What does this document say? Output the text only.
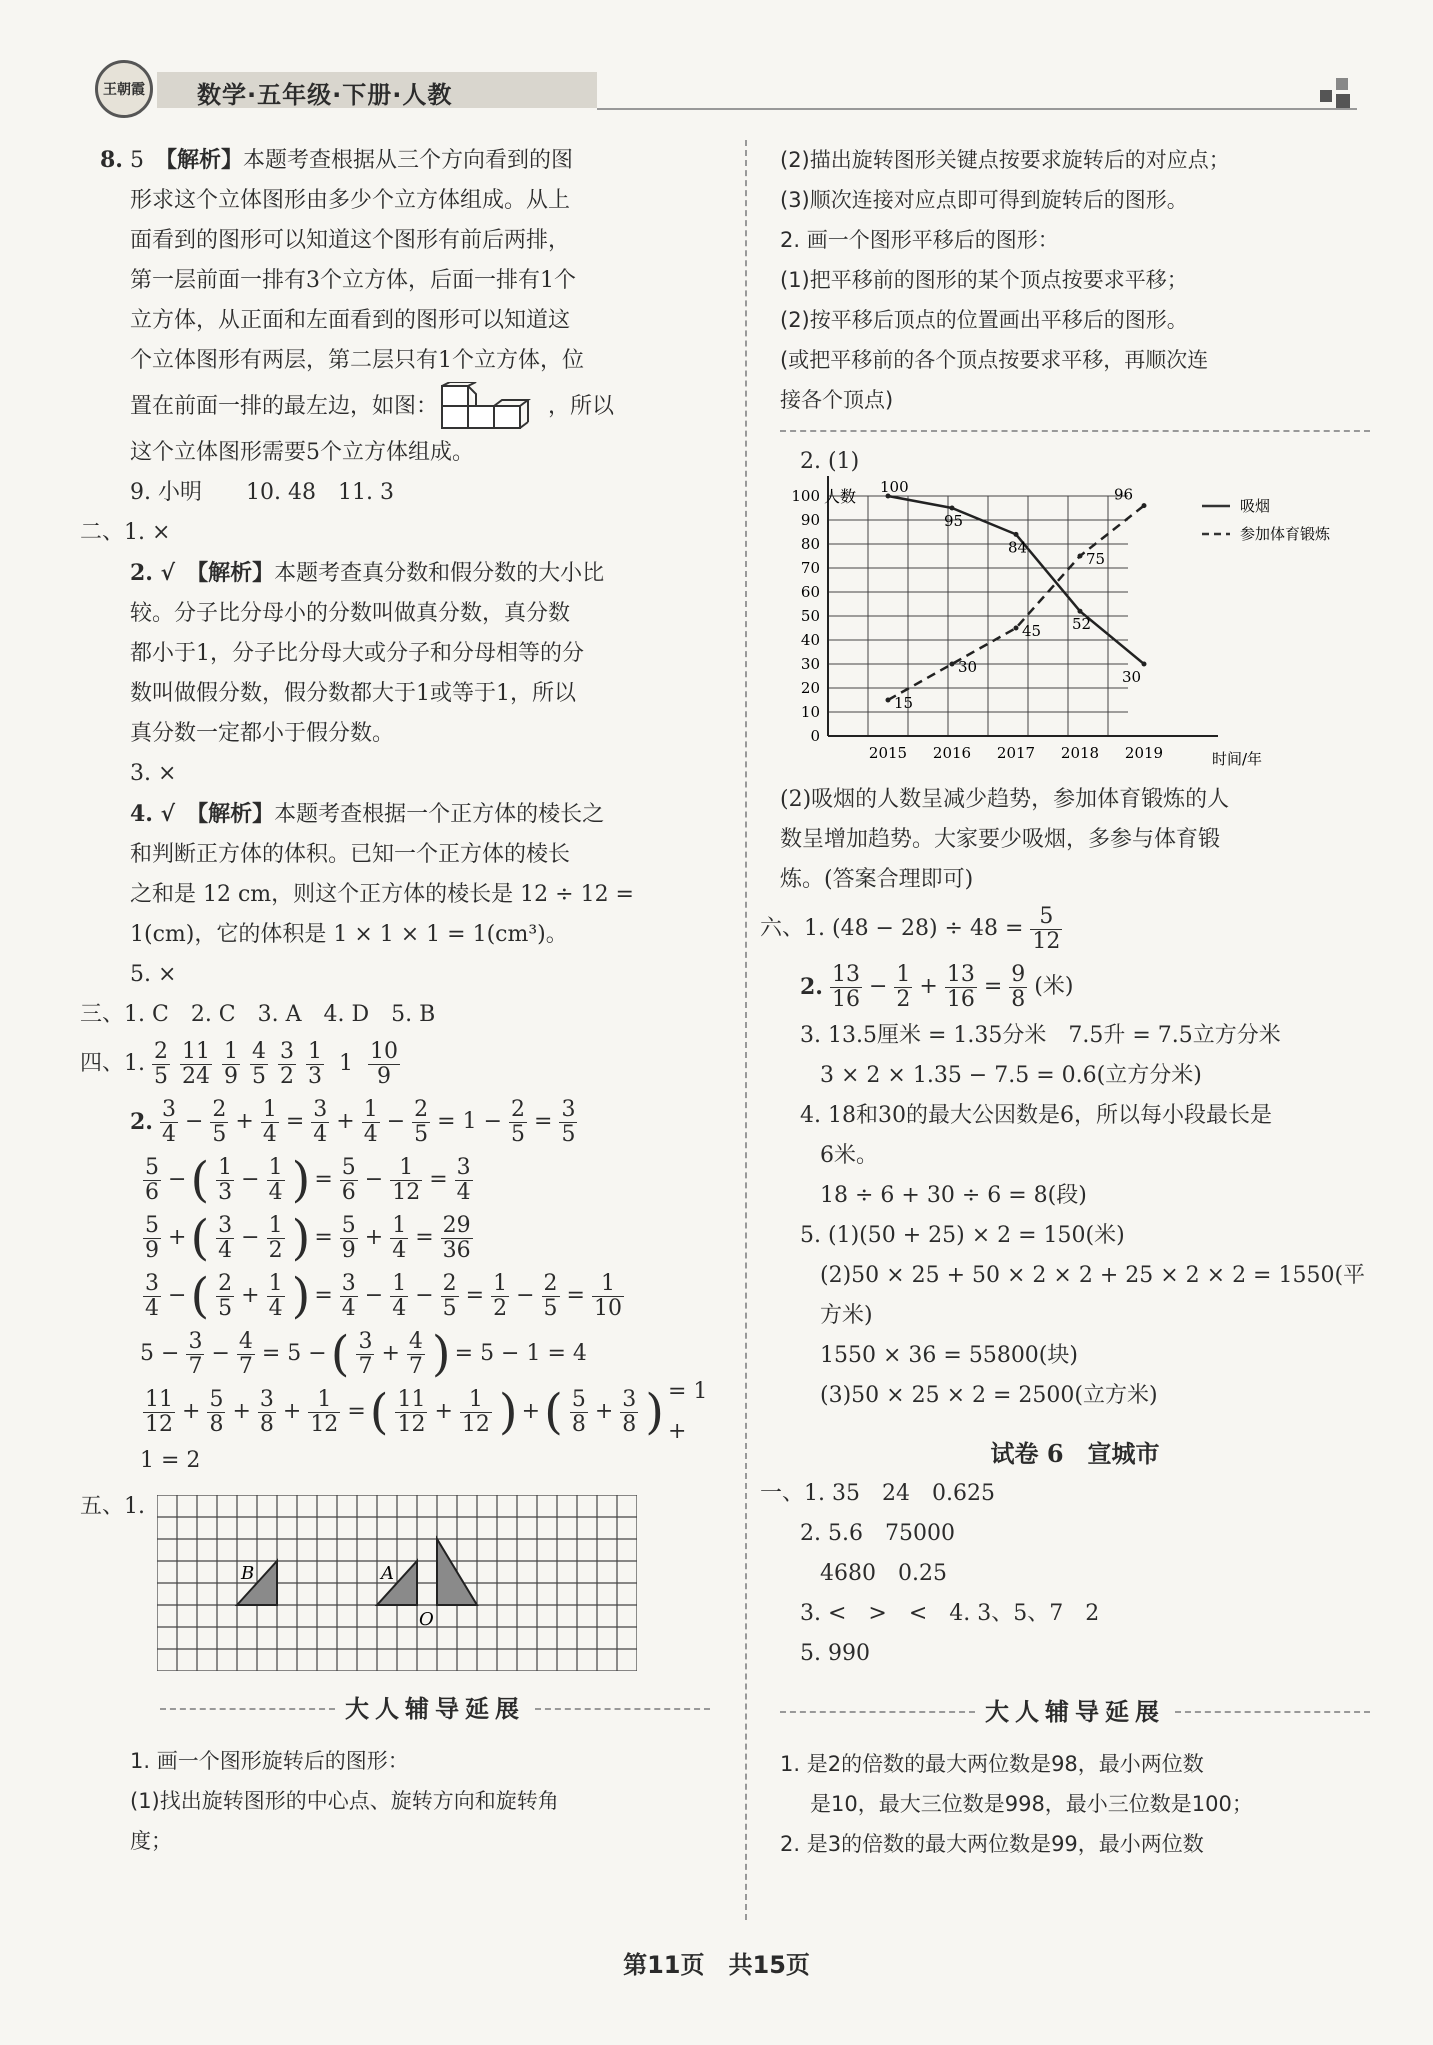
王朝霞	数学·五年级·下册·人教
8. 5　 【解析】本题考查根据从三个方向看到的图
形求这个立体图形由多少个立方体组成。从上
面看到的图形可以知道这个图形有前后两排，
第一层前面一排有3个立方体，后面一排有1个
立方体，从正面和左面看到的图形可以知道这
个立体图形有两层，第二层只有1个立方体，位
置在前面一排的最左边，如图：	，所以
这个立体图形需要5个立方体组成。
9. 小明　　 10. 48　 11. 3
二、1. ×
2. √　 【解析】本题考查真分数和假分数的大小比
较。分子比分母小的分数叫做真分数，真分数
都小于1，分子比分母大或分子和分母相等的分
数叫做假分数，假分数都大于1或等于1，所以
真分数一定都小于假分数。
3. ×
4. √　 【解析】本题考查根据一个正方体的棱长之
和判断正方体的体积。已知一个正方体的棱长
之和是 12 cm，则这个正方体的棱长是 12 ÷ 12 =
1(cm)，它的体积是 1 × 1 × 1 = 1(cm³)。
5. ×
三、1. C　2. C　3. A　4. D　5. B
四、1. $\frac{2}{5} \frac{11}{24} \frac{1}{9} \frac{4}{5} \frac{3}{2} \frac{1}{3} 1 \frac{10}{9}$
2. $\frac{3}{4} - \frac{2}{5} + \frac{1}{4} = \frac{3}{4} + \frac{1}{4} - \frac{2}{5} = 1 - \frac{2}{5} = \frac{3}{5}$
$\frac{5}{6}$ − ( $\frac{1}{3} - \frac{1}{4}$ ) = $\frac{5}{6} - \frac{1}{12} = \frac{3}{4}$
$\frac{5}{9}$ + ( $\frac{3}{4} - \frac{1}{2}$ ) = $\frac{5}{9} + \frac{1}{4} = \frac{29}{36}$
$\frac{3}{4}$ − ( $\frac{2}{5} + \frac{1}{4}$ ) = $\frac{3}{4} - \frac{1}{4} - \frac{2}{5} = \frac{1}{2} - \frac{2}{5} = \frac{1}{10}$
$5 - \frac{3}{7} - \frac{4}{7} = 5$ − ( $\frac{3}{7} + \frac{4}{7}$ ) = 5 − 1 = 4
$\frac{11}{12} + \frac{5}{8} + \frac{3}{8} + \frac{1}{12}$ = ( $\frac{11}{12} + \frac{1}{12}$ ) + ( $\frac{5}{8} + \frac{3}{8}$ ) = 1 +
1 = 2
五、1.
B	A
O
大人辅导延展
1. 画一个图形旋转后的图形：
(1)找出旋转图形的中心点、旋转方向和旋转角
度；
(2)描出旋转图形关键点按要求旋转后的对应点；
(3)顺次连接对应点即可得到旋转后的图形。
2. 画一个图形平移后的图形：
(1)把平移前的图形的某个顶点按要求平移；
(2)按平移后顶点的位置画出平移后的图形。
(或把平移前的各个顶点按要求平移，再顺次连
接各个顶点)
2. (1)
0
10
20
30
40
50
60
70
80
90
100
2015 2016 2017 2018 2019
100
95
84
52
30
15
30
45
75
96
人数
时间/年
吸烟
参加体育锻炼
(2)吸烟的人数呈减少趋势，参加体育锻炼的人
数呈增加趋势。大家要少吸烟，多参与体育锻
炼。(答案合理即可)
六、1. $(48 - 28) \div 48 = \frac{5}{12}$
2. $\frac{13}{16} - \frac{1}{2} + \frac{13}{16} = \frac{9}{8}$ (米)
3. 13.5厘米 = 1.35分米　7.5升 = 7.5立方分米
3 × 2 × 1.35 − 7.5 = 0.6(立方分米)
4. 18和30的最大公因数是6，所以每小段最长是
6米。
18 ÷ 6 + 30 ÷ 6 = 8(段)
5. (1)(50 + 25) × 2 = 150(米)
(2)50 × 25 + 50 × 2 × 2 + 25 × 2 × 2 = 1550(平
方米)
1550 × 36 = 55800(块)
(3)50 × 25 × 2 = 2500(立方米)
试卷 6　宣城市
一、1. 35　24　0.625
2. 5.6　75000
4680　0.25
3. <　>　<　4. 3、5、7　2
5. 990
大人辅导延展
1. 是2的倍数的最大两位数是98，最小两位数
是10，最大三位数是998，最小三位数是100；
2. 是3的倍数的最大两位数是99，最小两位数
第11页　共15页
